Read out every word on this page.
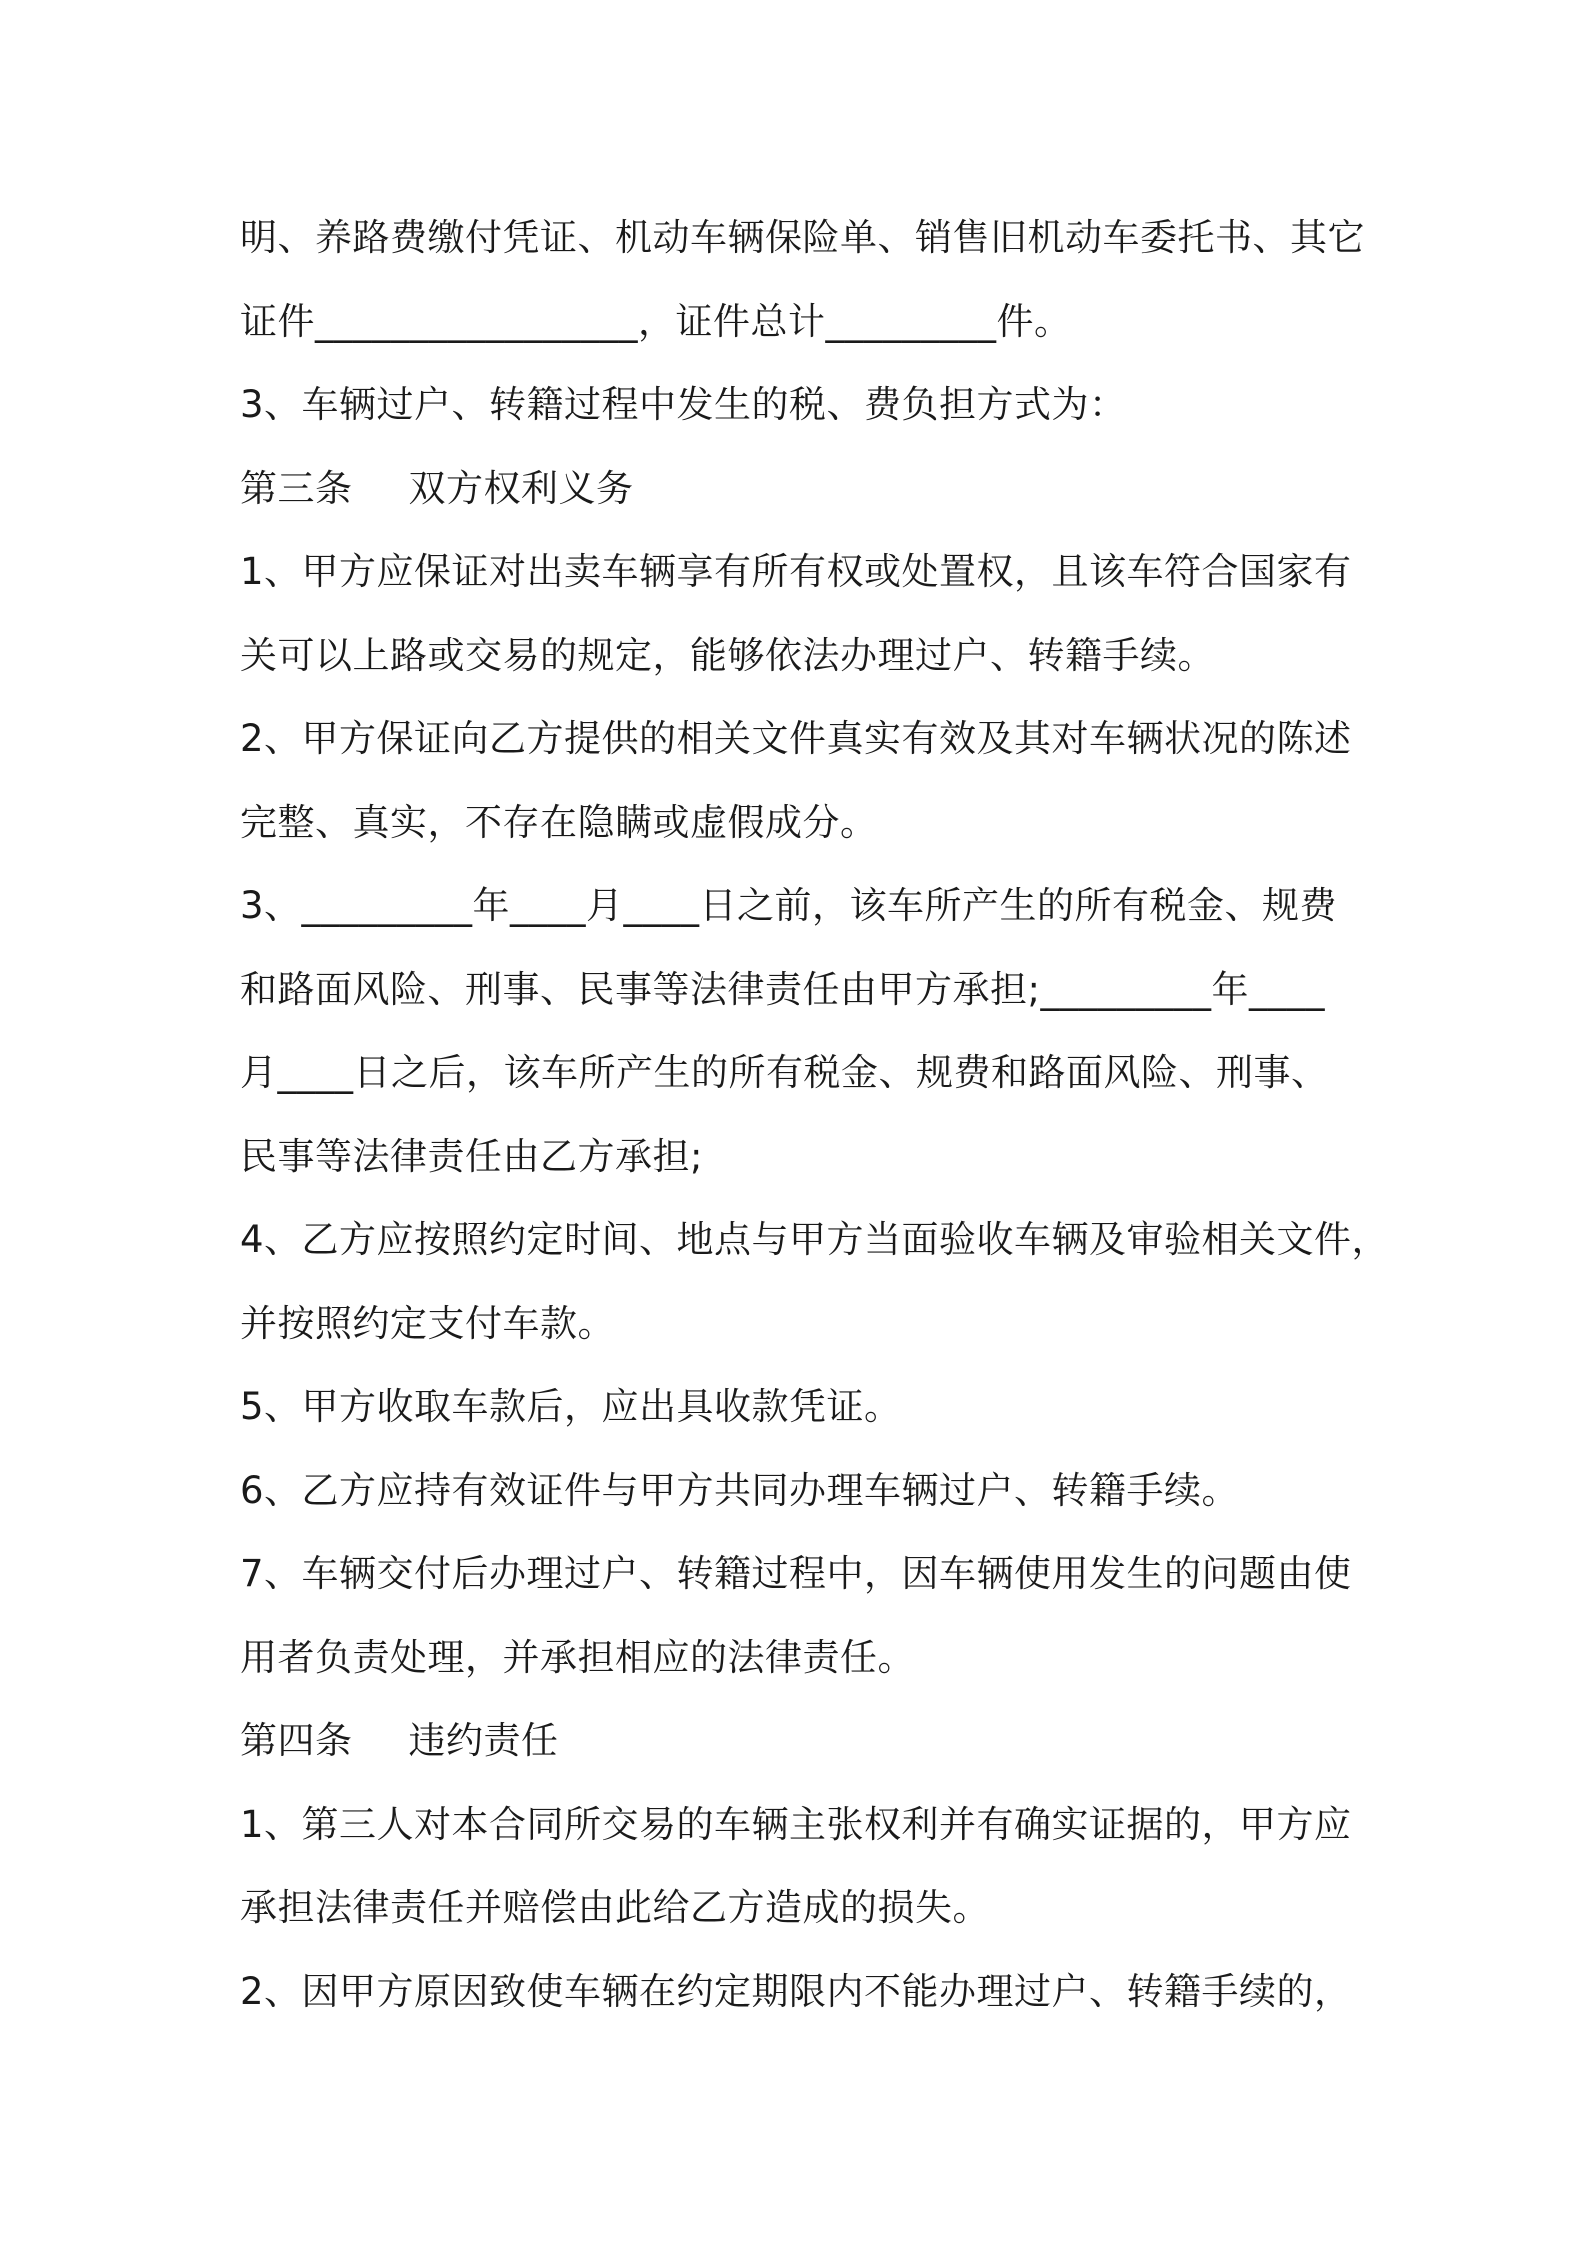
明、养路费缴付凭证、机动车辆保险单、销售旧机动车委托书、其它
证件_________________，证件总计_________件。
3、车辆过户、转籍过程中发生的税、费负担方式为：
第三条 双方权利义务
1、甲方应保证对出卖车辆享有所有权或处置权，且该车符合国家有
关可以上路或交易的规定，能够依法办理过户、转籍手续。
2、甲方保证向乙方提供的相关文件真实有效及其对车辆状况的陈述
完整、真实，不存在隐瞒或虚假成分。
3、_________年____月____日之前，该车所产生的所有税金、规费
和路面风险、刑事、民事等法律责任由甲方承担;_________年____
月____日之后，该车所产生的所有税金、规费和路面风险、刑事、
民事等法律责任由乙方承担;
4、乙方应按照约定时间、地点与甲方当面验收车辆及审验相关文件，
并按照约定支付车款。
5、甲方收取车款后，应出具收款凭证。
6、乙方应持有效证件与甲方共同办理车辆过户、转籍手续。
7、车辆交付后办理过户、转籍过程中，因车辆使用发生的问题由使
用者负责处理，并承担相应的法律责任。
第四条 违约责任
1、第三人对本合同所交易的车辆主张权利并有确实证据的，甲方应
承担法律责任并赔偿由此给乙方造成的损失。
2、因甲方原因致使车辆在约定期限内不能办理过户、转籍手续的，
